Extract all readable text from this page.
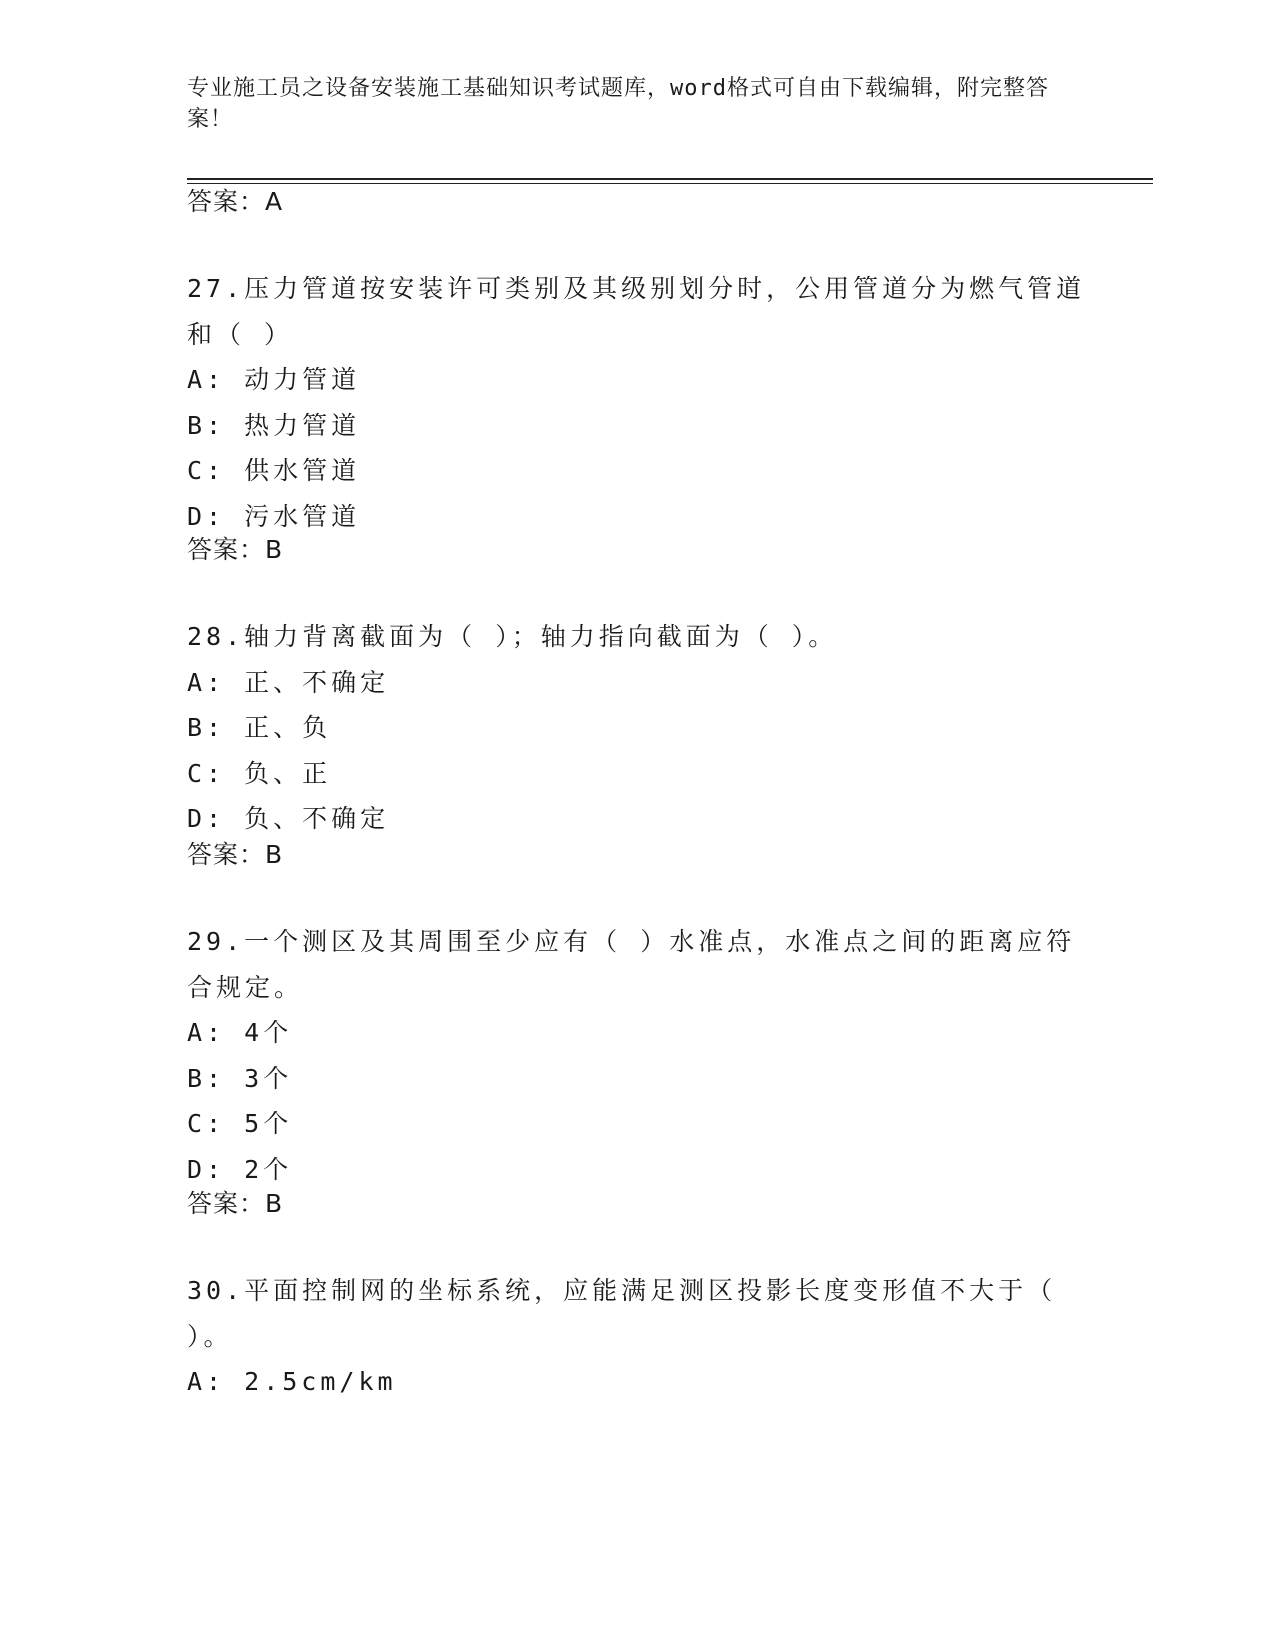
专业施工员之设备安装施工基础知识考试题库，word格式可自由下载编辑，附完整答案！
答案：A
27.压力管道按安装许可类别及其级别划分时，公用管道分为燃气管道和（ ）
A: 动力管道
B: 热力管道
C: 供水管道
D: 污水管道
答案：B
28.轴力背离截面为（ ）；轴力指向截面为（ ）。
A: 正、不确定
B: 正、负
C: 负、正
D: 负、不确定
答案：B
29.一个测区及其周围至少应有（ ）水准点，水准点之间的距离应符合规定。
A: 4个
B: 3个
C: 5个
D: 2个
答案：B
30.平面控制网的坐标系统，应能满足测区投影长度变形值不大于（ ）。
A: 2.5cm/km
